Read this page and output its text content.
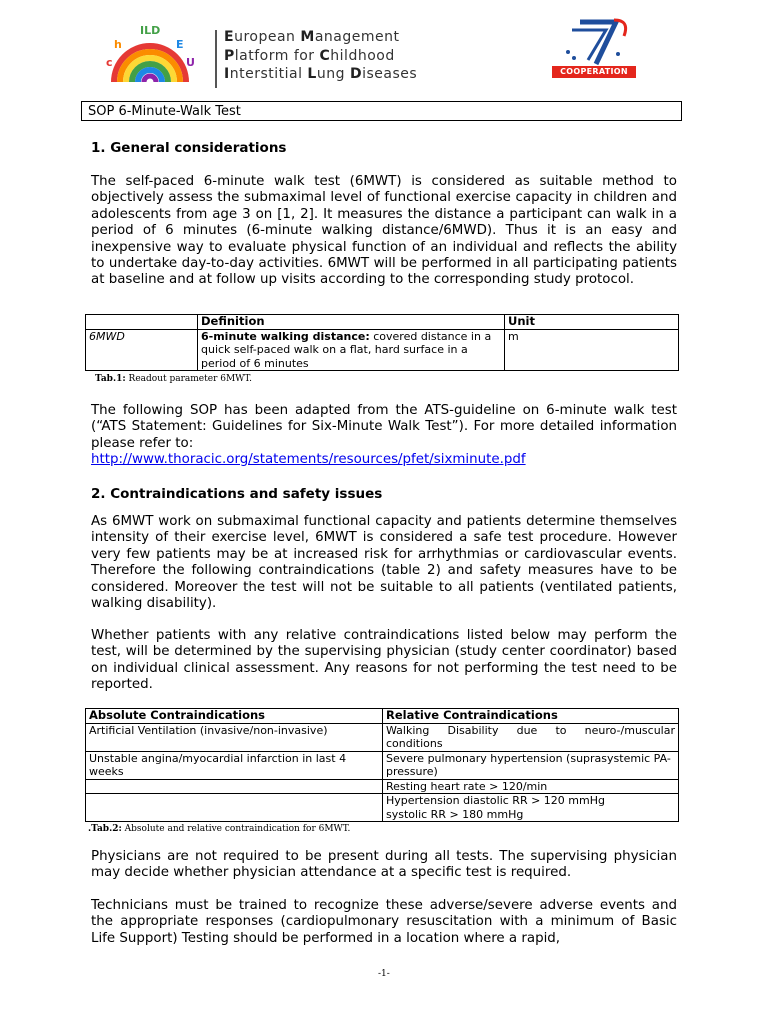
c
h
ILD
E
U
European Management
Platform for Childhood
Interstitial Lung Diseases	COOPERATION
SOP 6-Minute-Walk Test
1. General considerations

The self-paced 6-minute walk test (6MWT) is considered as suitable method to objectively assess the submaximal level of functional exercise capacity in children and adolescents from age 3 on [1, 2]. It measures the distance a participant can walk in a period of 6 minutes (6-minute walking distance/6MWD). Thus it is an easy and inexpensive way to evaluate physical function of an individual and reflects the ability to undertake day-to-day activities. 6MWT will be performed in all participating patients at baseline and at follow up visits according to the corresponding study protocol.

	Definition	Unit
6MWD	6-minute walking distance: covered distance in a quick self-paced walk on a flat, hard surface in a period of 6 minutes	m
Tab.1: Readout parameter 6MWT.

The following SOP has been adapted from the ATS-guideline on 6-minute walk test (“ATS Statement: Guidelines for Six-Minute Walk Test”). For more detailed information please refer to:

http://www.thoracic.org/statements/resources/pfet/sixminute.pdf

2. Contraindications and safety issues

As 6MWT work on submaximal functional capacity and patients determine themselves intensity of their exercise level, 6MWT is considered a safe test procedure. However very few patients may be at increased risk for arrhythmias or cardiovascular events. Therefore the following contraindications (table 2) and safety measures have to be considered. Moreover the test will not be suitable to all patients (ventilated patients, walking disability).

Whether patients with any relative contraindications listed below may perform the test, will be determined by the supervising physician (study center coordinator) based on individual clinical assessment. Any reasons for not performing the test need to be reported.

Absolute Contraindications	Relative Contraindications
Artificial Ventilation (invasive/non-invasive)	Walking Disability due to neuro-/muscular conditions
Unstable angina/myocardial infarction in last 4 weeks	Severe pulmonary hypertension (suprasystemic PA-pressure)
	Resting heart rate > 120/min

	Hypertension diastolic RR > 120 mmHg
systolic RR > 180 mmHg
.Tab.2: Absolute and relative contraindication for 6MWT.

Physicians are not required to be present during all tests. The supervising physician may decide whether physician attendance at a specific test is required.

Technicians must be trained to recognize these adverse/severe adverse events and the appropriate responses (cardiopulmonary resuscitation with a minimum of Basic Life Support) Testing should be performed in a location where a rapid,

-1-
